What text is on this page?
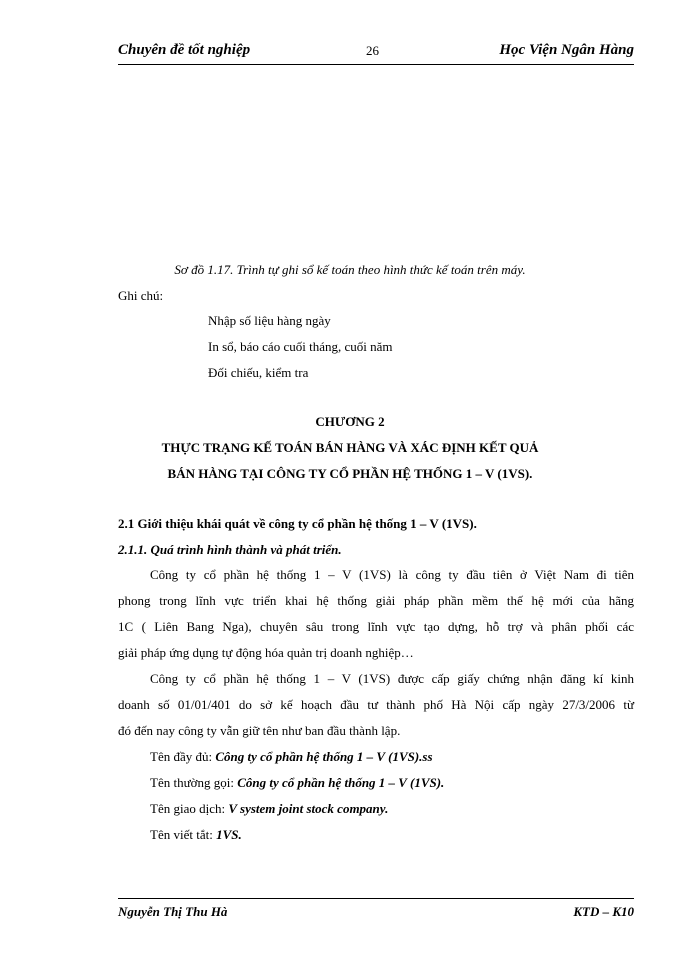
Chuyên đề tốt nghiệp	26	Học Viện Ngân Hàng
Sơ đồ 1.17. Trình tự ghi sổ kế toán theo hình thức kế toán trên máy.
Ghi chú:
Nhập số liệu hàng ngày
In sổ, báo cáo cuối tháng, cuối năm
Đối chiếu, kiểm tra
CHƯƠNG 2
THỰC TRẠNG KẾ TOÁN BÁN HÀNG VÀ XÁC ĐỊNH KẾT QUẢ
BÁN HÀNG TẠI CÔNG TY CỔ PHẦN HỆ THỐNG 1 – V (1VS).
2.1 Giới thiệu khái quát về công ty cổ phần hệ thống 1 – V (1VS).
2.1.1. Quá trình hình thành và phát triển.
Công ty cổ phần hệ thống 1 – V (1VS) là công ty đầu tiên ở Việt Nam đi tiên
phong trong lĩnh vực triển khai hệ thống giải pháp phần mềm thế hệ mới của hãng
1C ( Liên Bang Nga), chuyên sâu trong lĩnh vực tạo dựng, hỗ trợ và phân phối các
giải pháp ứng dụng tự động hóa quản trị doanh nghiệp…
Công ty cổ phần hệ thống 1 – V (1VS) được cấp giấy chứng nhận đăng kí kinh
doanh số 01/01/401 do sở kế hoạch đầu tư thành phố Hà Nội cấp ngày 27/3/2006 từ
đó đến nay công ty vẫn giữ tên như ban đầu thành lập.
Tên đầy đủ: Công ty cổ phần hệ thống 1 – V (1VS).ss
Tên thường gọi: Công ty cổ phần hệ thống 1 – V (1VS).
Tên giao dịch: V system joint stock company.
Tên viết tắt: 1VS.
Nguyễn Thị Thu Hà	KTD – K10
